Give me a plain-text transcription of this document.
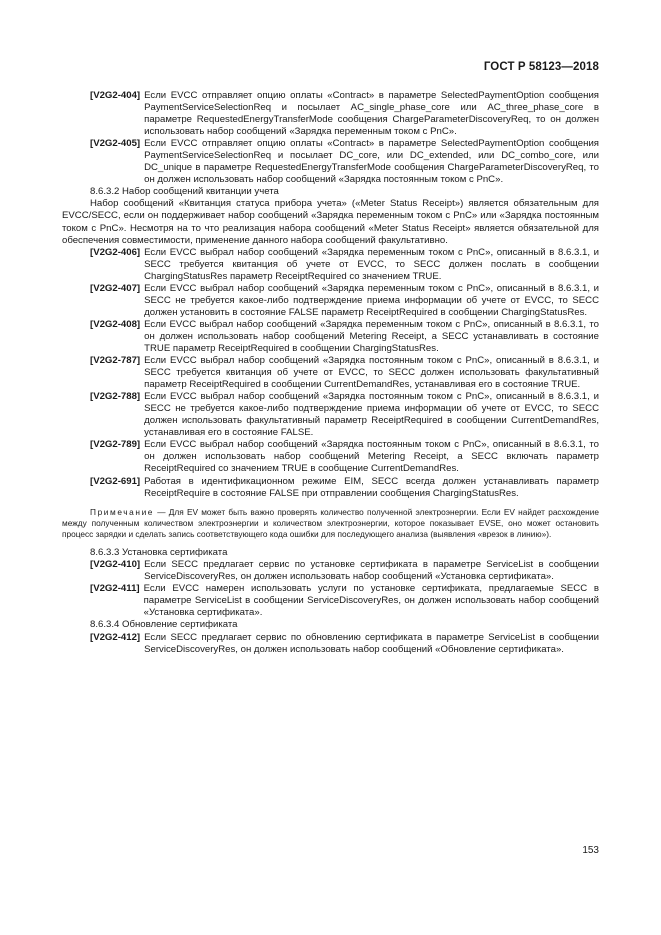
ГОСТ Р 58123—2018
[V2G2-404] Если EVCC отправляет опцию оплаты «Contract» в параметре SelectedPaymentOption сообщения PaymentServiceSelectionReq и посылает AC_single_phase_core или AC_three_phase_core в параметре RequestedEnergyTransferMode сообщения ChargeParameterDiscoveryReq, то он должен использовать набор сообщений «Зарядка переменным током с PnC».
[V2G2-405] Если EVCC отправляет опцию оплаты «Contract» в параметре SelectedPaymentOption сообщения PaymentServiceSelectionReq и посылает DC_core, или DC_extended, или DC_combo_core, или DC_unique в параметре RequestedEnergyTransferMode сообщения ChargeParameterDiscoveryReq, то он должен использовать набор сообщений «Зарядка постоянным током с PnC».
8.6.3.2 Набор сообщений квитанции учета
Набор сообщений «Квитанция статуса прибора учета» («Meter Status Receipt») является обязательным для EVCC/SECC, если он поддерживает набор сообщений «Зарядка переменным током с PnC» или «Зарядка постоянным током с PnC». Несмотря на то что реализация набора сообщений «Meter Status Receipt» является обязательной для обеспечения совместимости, применение данного набора сообщений факультативно.
[V2G2-406] Если EVCC выбрал набор сообщений «Зарядка переменным током с PnC», описанный в 8.6.3.1, и SECC требуется квитанция об учете от EVCC, то SECC должен послать в сообщении ChargingStatusRes параметр ReceiptRequired со значением TRUE.
[V2G2-407] Если EVCC выбрал набор сообщений «Зарядка переменным током с PnC», описанный в 8.6.3.1, и SECC не требуется какое-либо подтверждение приема информации об учете от EVCC, то SECC должен установить в состояние FALSE параметр ReceiptRequired в сообщении ChargingStatusRes.
[V2G2-408] Если EVCC выбрал набор сообщений «Зарядка переменным током с PnC», описанный в 8.6.3.1, то он должен использовать набор сообщений Metering Receipt, а SECC устанавливать в состояние TRUE параметр ReceiptRequired в сообщении ChargingStatusRes.
[V2G2-787] Если EVCC выбрал набор сообщений «Зарядка постоянным током с PnC», описанный в 8.6.3.1, и SECC требуется квитанция об учете от EVCC, то SECC должен использовать факультативный параметр ReceiptRequired в сообщении CurrentDemandRes, устанавливая его в состояние TRUE.
[V2G2-788] Если EVCC выбрал набор сообщений «Зарядка постоянным током с PnC», описанный в 8.6.3.1, и SECC не требуется какое-либо подтверждение приема информации об учете от EVCC, то SECC должен использовать факультативный параметр ReceiptRequired в сообщении CurrentDemandRes, устанавливая его в состояние FALSE.
[V2G2-789] Если EVCC выбрал набор сообщений «Зарядка постоянным током с PnC», описанный в 8.6.3.1, то он должен использовать набор сообщений Metering Receipt, а SECC включать параметр ReceiptRequired со значением TRUE в сообщение CurrentDemandRes.
[V2G2-691] Работая в идентификационном режиме EIM, SECC всегда должен устанавливать параметр ReceiptRequire в состояние FALSE при отправлении сообщения ChargingStatusRes.
Примечание — Для EV может быть важно проверять количество полученной электроэнергии. Если EV найдет расхождение между полученным количеством электроэнергии и количеством электроэнергии, которое показывает EVSE, оно может остановить процесс зарядки и сделать запись соответствующего кода ошибки для последующего анализа (выявления «врезок в линию»).
8.6.3.3 Установка сертификата
[V2G2-410] Если SECC предлагает сервис по установке сертификата в параметре ServiceList в сообщении ServiceDiscoveryRes, он должен использовать набор сообщений «Установка сертификата».
[V2G2-411] Если EVCC намерен использовать услуги по установке сертификата, предлагаемые SECC в параметре ServiceList в сообщении ServiceDiscoveryRes, он должен использовать набор сообщений «Установка сертификата».
8.6.3.4 Обновление сертификата
[V2G2-412] Если SECC предлагает сервис по обновлению сертификата в параметре ServiceList в сообщении ServiceDiscoveryRes, он должен использовать набор сообщений «Обновление сертификата».
153
